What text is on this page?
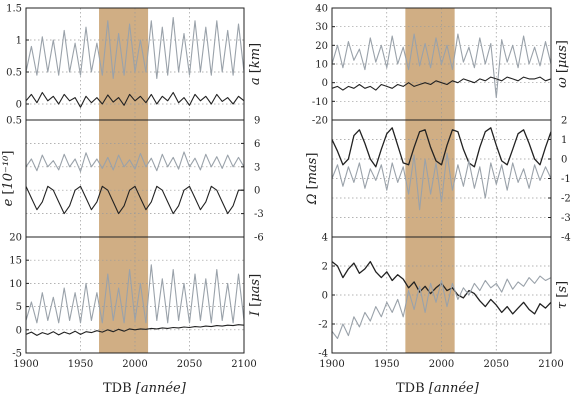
0
0.5
1
1.5
0.5
-6
-3
0
3
6
9
-5
0
5
10
15
20
1900	1950	2000	2050	2100
-10
0
10
20
30
40
-20
-4
-3
-2
-1
0
1
2
-4
-2
0
2
4
1900	1950	2000	2050	2100
a [km]
e [10⁻¹⁰]
I [μas]
ω [μas]
Ω [mas]
τ [s]
TDB [année]	TDB [année]
